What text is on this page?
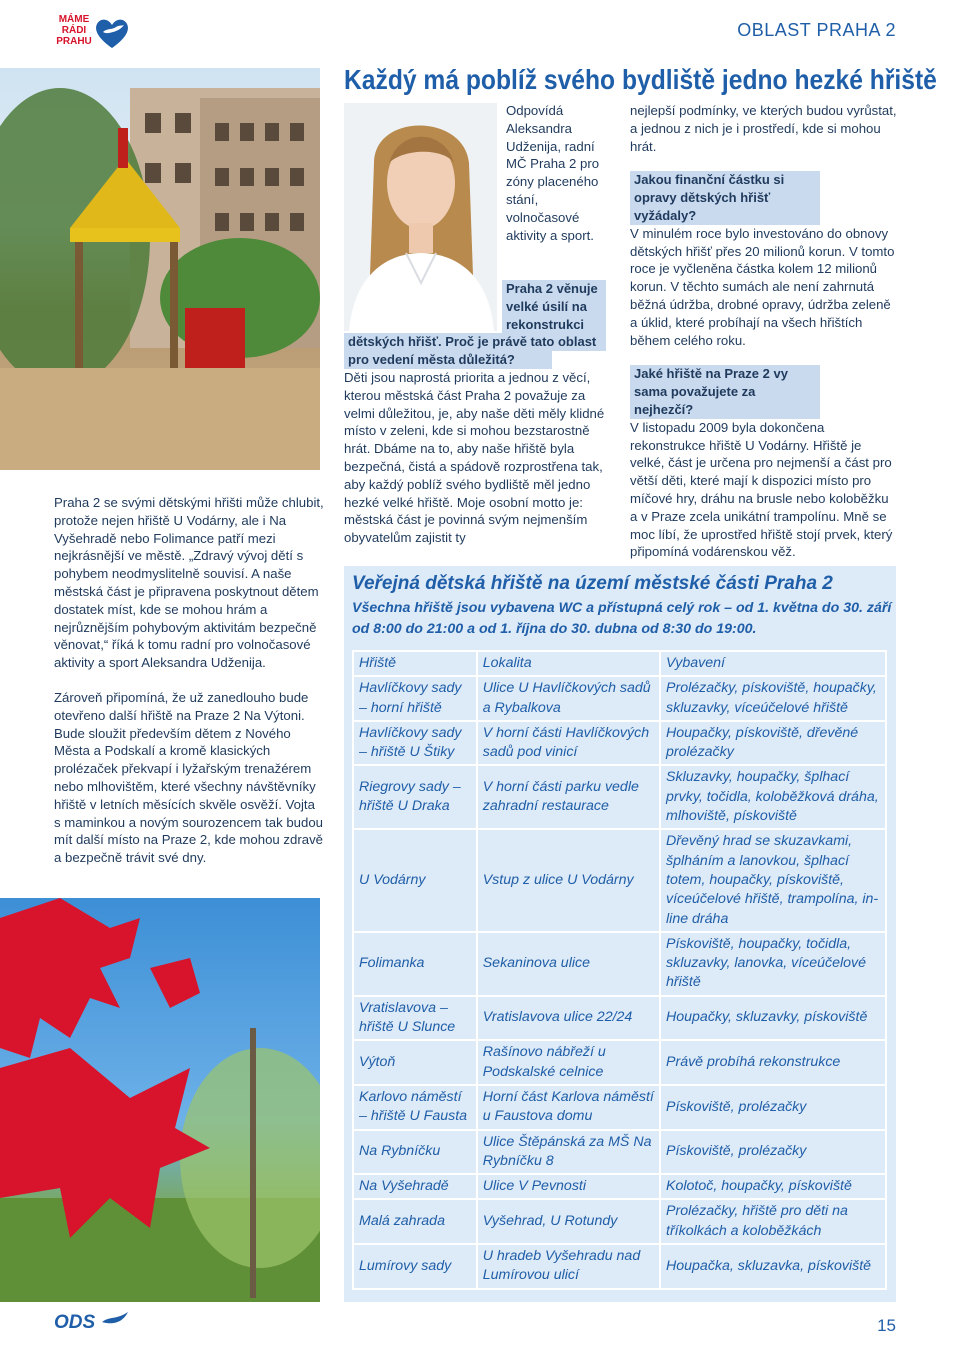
MÁME
RÁDI
PRAHU
OBLAST PRAHA 2
Každý má poblíž svého bydliště jedno hezké hřiště

Praha 2 se svými dětskými hřišti může chlubit, protože nejen hřiště U Vodárny, ale i Na Vyšehradě nebo Folimance patří mezi nejkrásnější ve městě. „Zdravý vývoj dětí s pohybem neodmyslitelně souvisí. A naše městská část je připravena poskytnout dětem dostatek míst, kde se mohou hrám a nejrůznějším pohybovým aktivitám bezpečně věnovat,“ říká k tomu radní pro volnočasové aktivity a sport Aleksandra Udženija.

Zároveň připomíná, že už zanedlouho bude otevřeno další hřiště na Praze 2 Na Výtoni. Bude sloužit především dětem z Nového Města a Podskalí a kromě klasických prolézaček překvapí i lyžařským trenažérem nebo mlhovištěm, které všechny návštěvníky hřiště v letních měsících skvěle osvěží. Vojta s maminkou a novým sourozencem tak budou mít další místo na Praze 2, kde mohou zdravě a bezpečně trávit své dny.

Odpovídá Aleksandra Udženija, radní MČ Praha 2 pro zóny placeného stání, volnočasové aktivity a sport.
Praha 2 věnuje
velké úsilí na
rekonstrukci
dětských hřišť. Proč je právě tato oblast
pro vedení města důležitá?
Děti jsou naprostá priorita a jednou z věcí, kterou městská část Praha 2 považuje za velmi důležitou, je, aby naše děti měly klidné místo v zeleni, kde si mohou bezstarostně hrát. Dbáme na to, aby naše hřiště byla bezpečná, čistá a spádově rozprostřena tak, aby každý poblíž svého bydliště měl jedno hezké velké hřiště. Moje osobní motto je: městská část je povinná svým nejmenším obyvatelům zajistit ty

nejlepší podmínky, ve kterých budou vyrůstat, a jednou z nich je i prostředí, kde si mohou hrát.

Jakou finanční částku si opravy dětských hřišť vyžádaly?

V minulém roce bylo investováno do obnovy dětských hřišť přes 20 milionů korun. V tomto roce je vyčleněna částka kolem 12 milionů korun. V těchto sumách ale není zahrnutá běžná údržba, drobné opravy, údržba zeleně a úklid, které probíhají na všech hřištích během celého roku.

Jaké hřiště na Praze 2 vy sama považujete za nejhezčí?

V listopadu 2009 byla dokončena rekonstrukce hřiště U Vodárny. Hřiště je velké, část je určena pro nejmenší a část pro větší děti, které mají k dispozici místo pro míčové hry, dráhu na brusle nebo koloběžku a v Praze zcela unikátní trampolínu. Mně se moc líbí, že uprostřed hřiště stojí prvek, který připomíná vodárenskou věž.

Veřejná dětská hřiště na území městské části Praha 2
Všechna hřiště jsou vybavena WC a přístupná celý rok – od 1. května do 30. září od 8:00 do 21:00 a od 1. října do 30. dubna od 8:30 do 19:00.
Hřiště	Lokalita	Vybavení
Havlíčkovy sady – horní hřiště	Ulice U Havlíčkových sadů a Rybalkova	Prolézačky, pískoviště, houpačky, skluzavky, víceúčelové hřiště
Havlíčkovy sady – hřiště U Štiky	V horní části Havlíčkových sadů pod vinicí	Houpačky, pískoviště, dřevěné prolézačky
Riegrovy sady – hřiště U Draka	V horní části parku vedle zahradní restaurace	Skluzavky, houpačky, šplhací prvky, točidla, koloběžková dráha, mlhoviště, pískoviště
U Vodárny	Vstup z ulice U Vodárny	Dřevěný hrad se skuzavkami, šplháním a lanovkou, šplhací totem, houpačky, pískoviště, víceúčelové hřiště, trampolína, in-line dráha
Folimanka	Sekaninova ulice	Pískoviště, houpačky, točidla, skluzavky, lanovka, víceúčelové hřiště
Vratislavova – hřiště U Slunce	Vratislavova ulice 22/24	Houpačky, skluzavky, pískoviště
Výtoň	Rašínovo nábřeží u Podskalské celnice	Právě probíhá rekonstrukce
Karlovo náměstí – hřiště U Fausta	Horní část Karlova náměstí u Faustova domu	Pískoviště, prolézačky
Na Rybníčku	Ulice Štěpánská za MŠ Na Rybníčku 8	Pískoviště, prolézačky
Na Vyšehradě	Ulice V Pevnosti	Kolotoč, houpačky, pískoviště
Malá zahrada	Vyšehrad, U Rotundy	Prolézačky, hřiště pro děti na tříkolkách a koloběžkách
Lumírovy sady	U hradeb Vyšehradu nad Lumírovou ulicí	Houpačka, skluzavka, pískoviště
ODS	15
